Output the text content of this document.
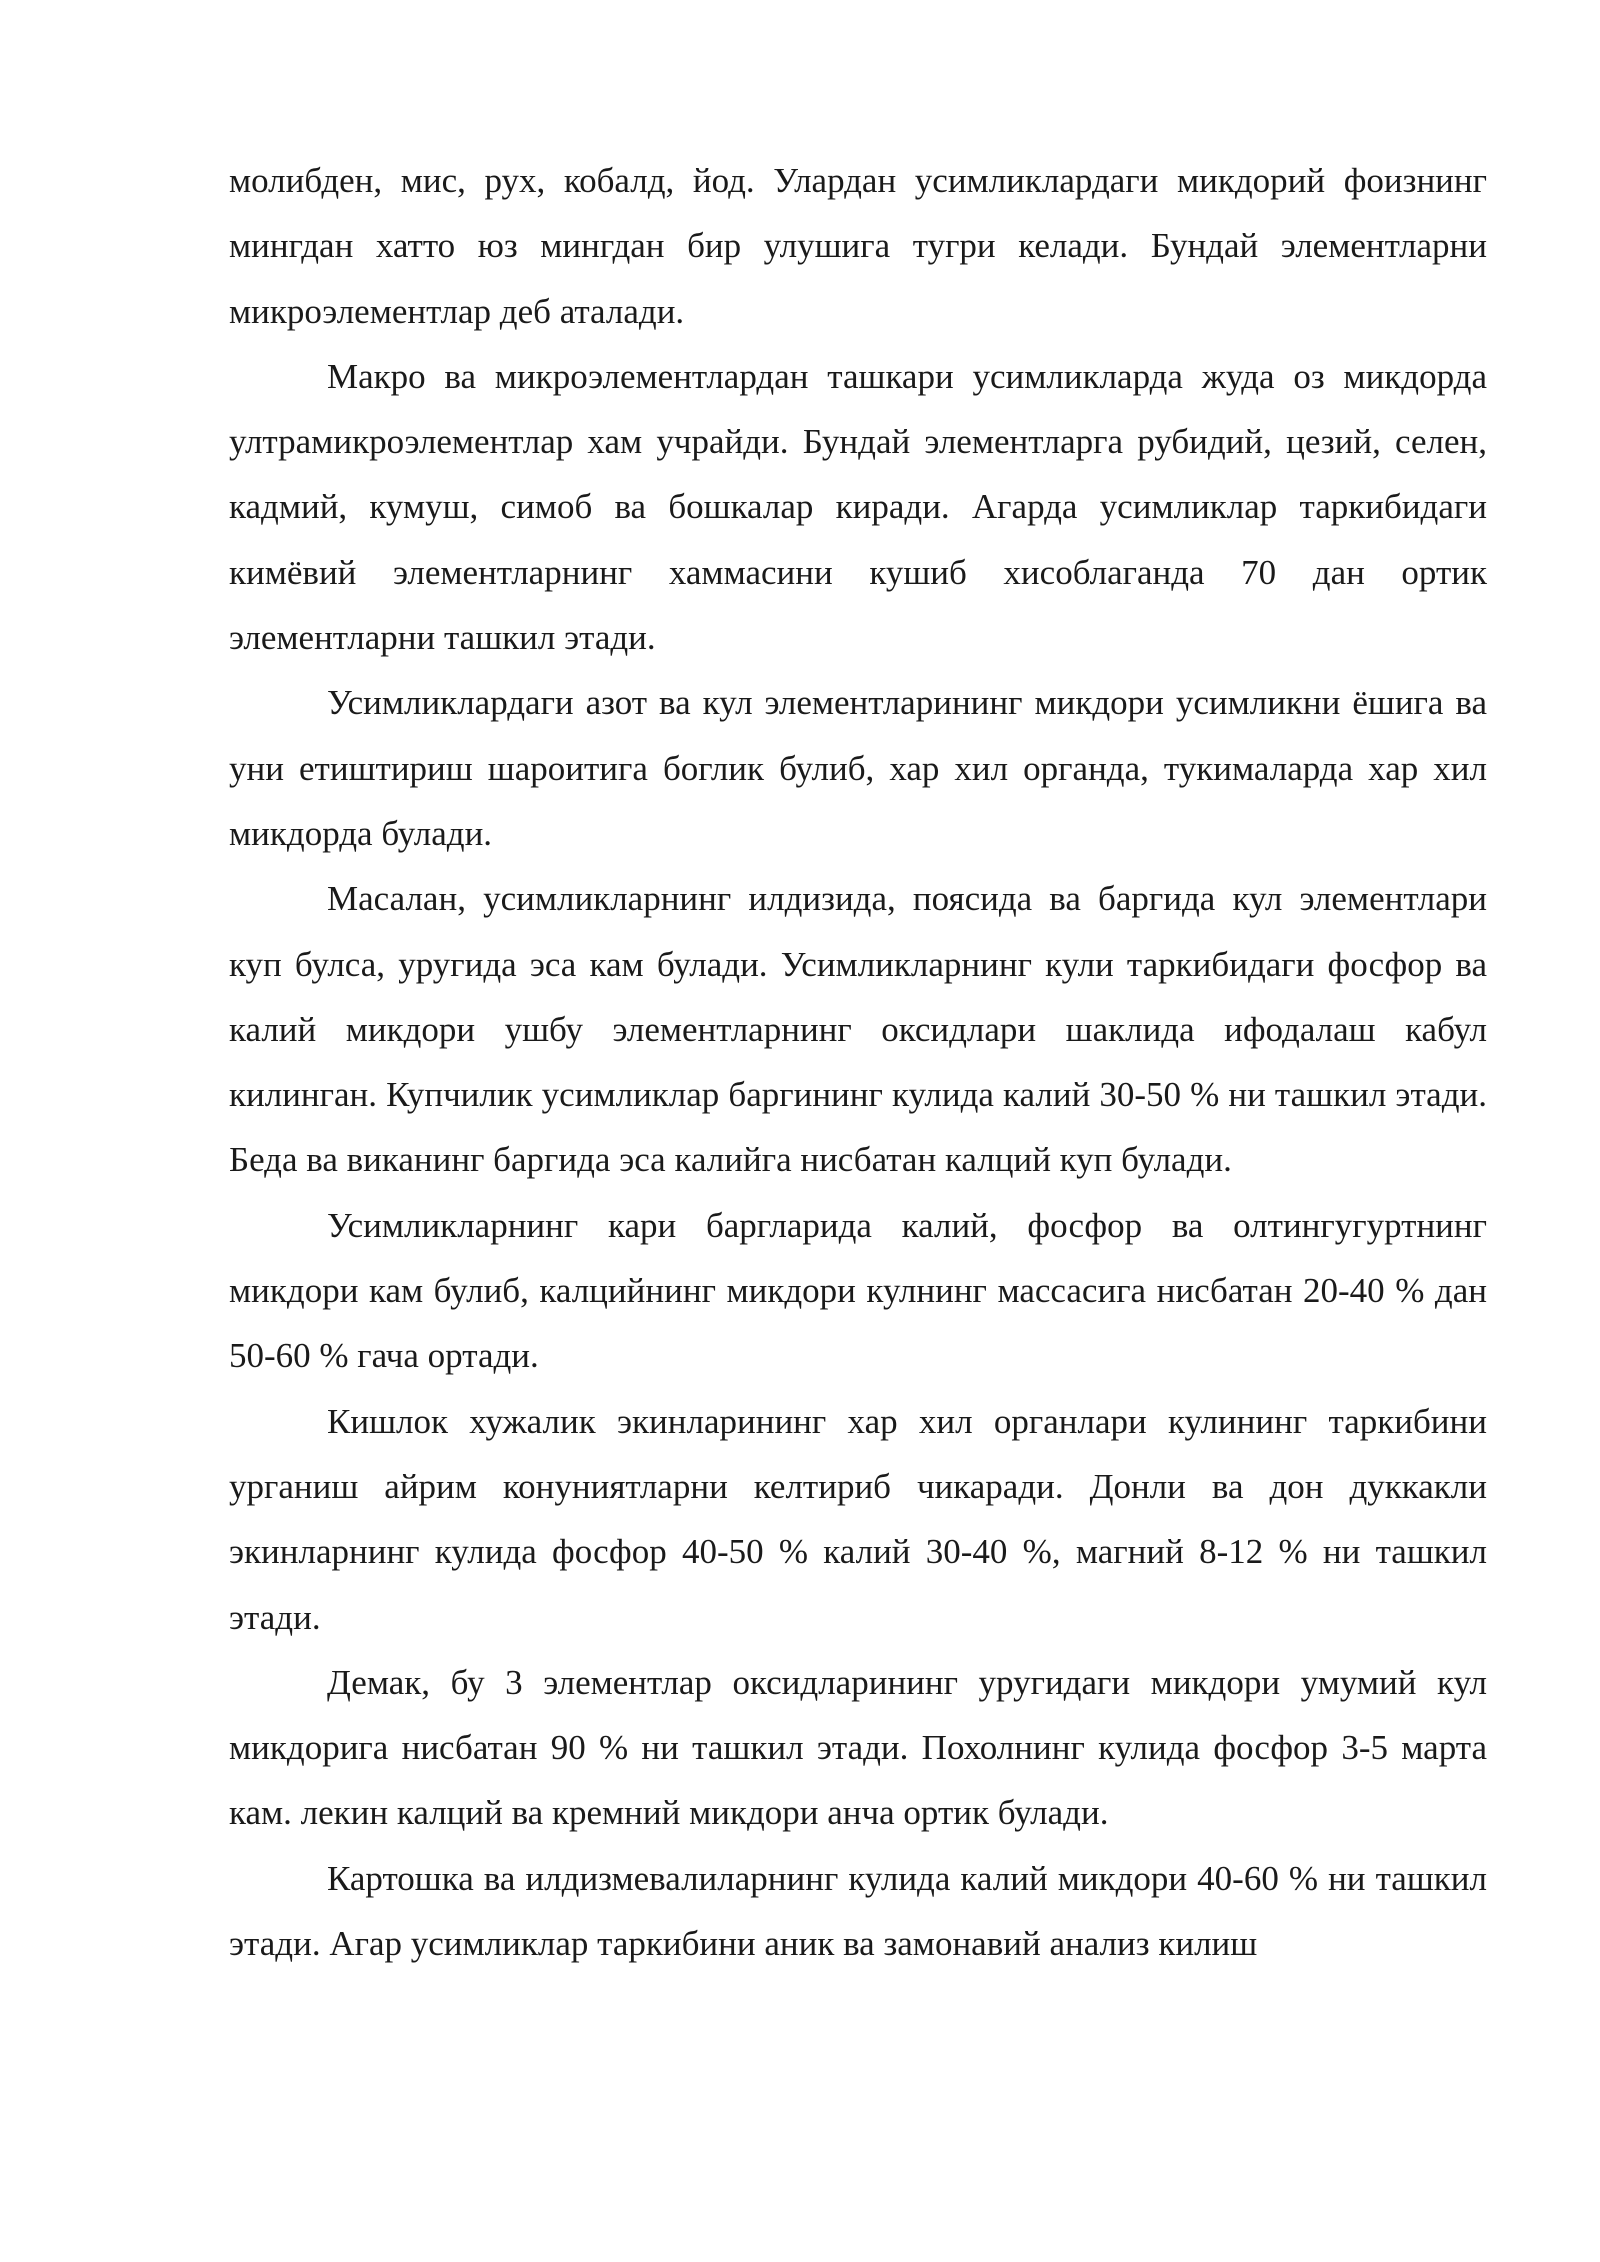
молибден, мис, рух, кобалд, йод. Улардан усимликлардаги микдорий фоизнинг мингдан хатто юз мингдан бир улушига тугри келади. Бундай элементларни микроэлементлар деб аталади.

Макро ва микроэлементлардан ташкари усимликларда жуда оз микдорда ултрамикроэлементлар хам учрайди. Бундай элементларга рубидий, цезий, селен, кадмий, кумуш, симоб ва бошкалар киради. Агарда усимликлар таркибидаги кимёвий элементларнинг хаммасини кушиб хисоблаганда 70 дан ортик элементларни ташкил этади.

Усимликлардаги азот ва кул элементларининг микдори усимликни ёшига ва уни етиштириш шароитига боглик булиб, хар хил органда, тукималарда хар хил микдорда булади.

Масалан, усимликларнинг илдизида, поясида ва баргида кул элементлари куп булса, уругида эса кам булади. Усимликларнинг кули таркибидаги фосфор ва калий микдори ушбу элементларнинг оксидлари шаклида ифодалаш кабул килинган. Купчилик усимликлар баргининг кулида калий 30-50 % ни ташкил этади. Беда ва виканинг баргида эса калийга нисбатан калций куп булади.

Усимликларнинг кари баргларида калий, фосфор ва олтингугуртнинг микдори кам булиб, калцийнинг микдори кулнинг массасига нисбатан 20-40 % дан 50-60 % гача ортади.

Кишлок хужалик экинларининг хар хил органлари кулининг таркибини урганиш айрим конуниятларни келтириб чикаради. Донли ва дон дуккакли экинларнинг кулида фосфор 40-50 % калий 30-40 %, магний 8-12 % ни ташкил этади.

Демак, бу 3 элементлар оксидларининг уругидаги микдори умумий кул микдорига нисбатан 90 % ни ташкил этади. Похолнинг кулида фосфор 3-5 марта кам. лекин калций ва кремний микдори анча ортик булади.

Картошка ва илдизмевалиларнинг кулида калий микдори 40-60 % ни ташкил этади. Агар усимликлар таркибини аник ва замонавий анализ килиш
